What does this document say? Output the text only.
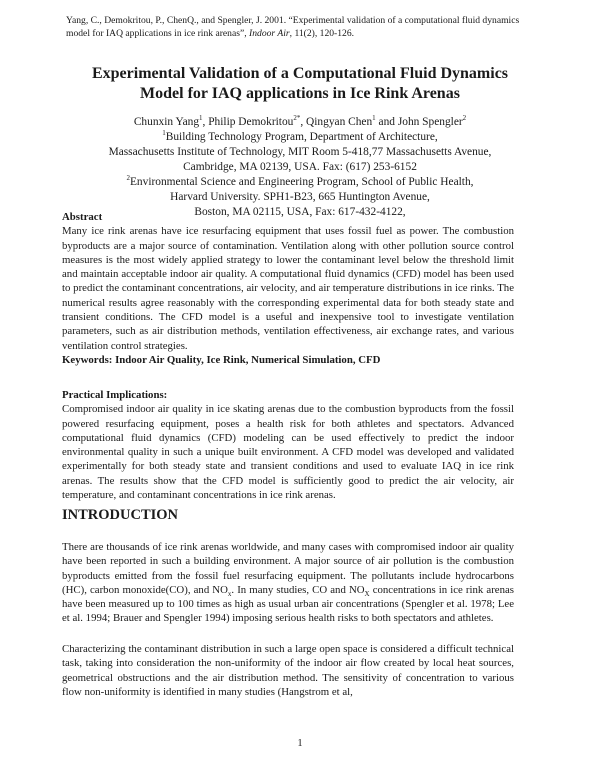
Yang, C., Demokritou, P., ChenQ., and Spengler, J. 2001. “Experimental validation of a computational fluid dynamics model for IAQ applications in ice rink arenas”, Indoor Air, 11(2), 120-126.
Experimental Validation of a Computational Fluid Dynamics
Model for IAQ applications in Ice Rink Arenas
Chunxin Yang$^1$, Philip Demokritou$^{2*}$, Qingyan Chen$^1$ and John Spengler$^2$
$^1$Building Technology Program, Department of Architecture,
Massachusetts Institute of Technology, MIT Room 5-418,77 Massachusetts Avenue,
Cambridge, MA 02139, USA. Fax: (617) 253-6152
$^2$Environmental Science and Engineering Program, School of Public Health,
Harvard University. SPH1-B23, 665 Huntington Avenue,
Boston, MA 02115, USA, Fax: 617-432-4122,
Abstract

Many ice rink arenas have ice resurfacing equipment that uses fossil fuel as power. The combustion byproducts are a major source of contamination. Ventilation along with other pollution source control measures is the most widely applied strategy to lower the contaminant level below the threshold limit and maintain acceptable indoor air quality. A computational fluid dynamics (CFD) model has been used to predict the contaminant concentrations, air velocity, and air temperature distributions in ice rinks. The numerical results agree reasonably with the corresponding experimental data for both steady state and transient conditions. The CFD model is a useful and inexpensive tool to investigate ventilation parameters, such as air distribution methods, ventilation effectiveness, air exchange rates, and various ventilation control strategies.

Keywords: Indoor Air Quality, Ice Rink, Numerical Simulation, CFD
Practical Implications:

Compromised indoor air quality in ice skating arenas due to the combustion byproducts from the fossil powered resurfacing equipment, poses a health risk for both athletes and spectators. Advanced computational fluid dynamics (CFD) modeling can be used effectively to predict the indoor environmental quality in such a unique built environment. A CFD model was developed and validated experimentally for both steady state and transient conditions and used to evaluate IAQ in ice rink arenas. The results show that the CFD model is sufficiently good to predict the air velocity, air temperature, and contaminant concentrations in ice rink arenas.

INTRODUCTION

There are thousands of ice rink arenas worldwide, and many cases with compromised indoor air quality have been reported in such a building environment. A major source of air pollution is the combustion byproducts emitted from the fossil fuel resurfacing equipment. The pollutants include hydrocarbons (HC), carbon monoxide(CO), and $NO_x$. In many studies, CO and $NO_X$ concentrations in ice rink arenas have been measured up to 100 times as high as usual urban air concentrations (Spengler et al. 1978; Lee et al. 1994; Brauer and Spengler 1994) imposing serious health risks to both spectators and athletes.

Characterizing the contaminant distribution in such a large open space is considered a difficult technical task, taking into consideration the non-uniformity of the indoor air flow created by local heat sources, geometrical obstructions and the air distribution method. The sensitivity of concentration to various flow non-uniformity is identified in many studies (Hangstrom et al,

1
